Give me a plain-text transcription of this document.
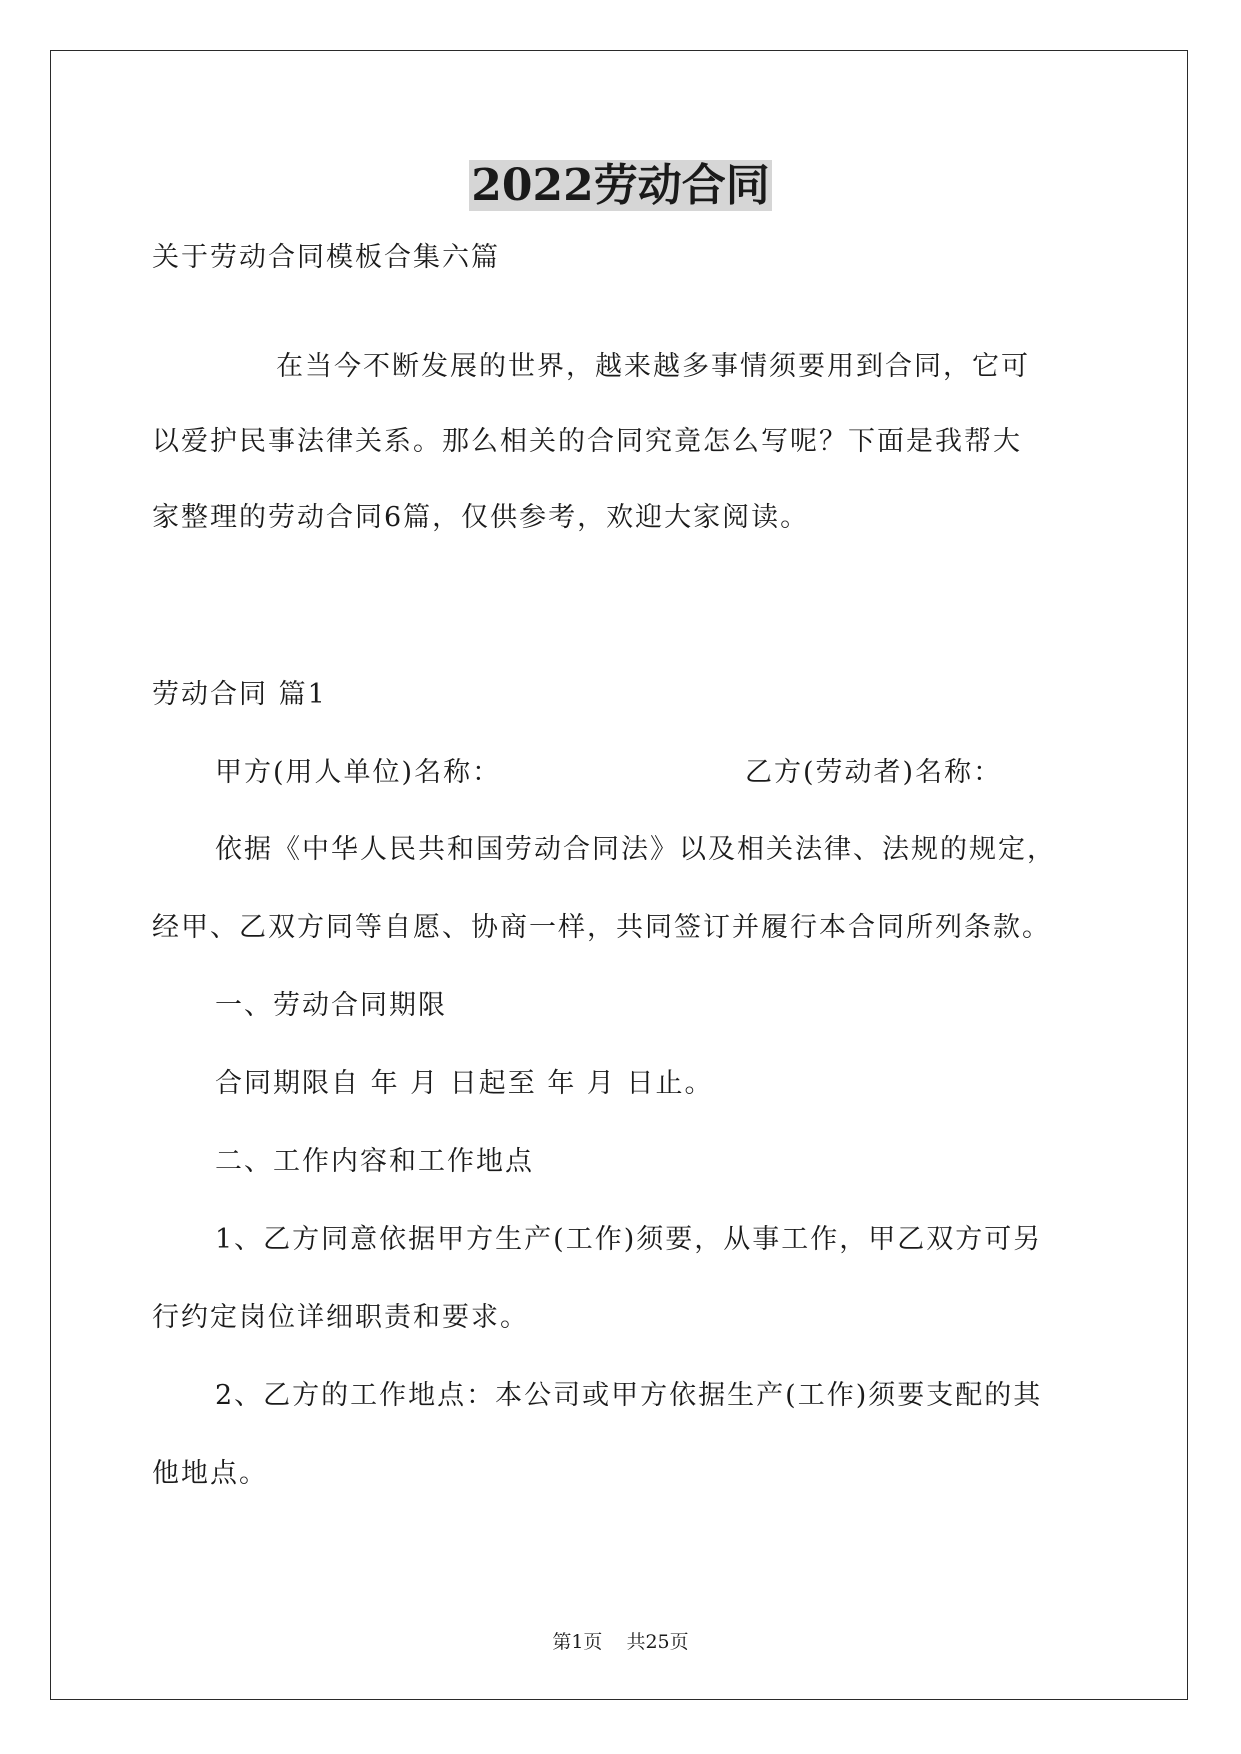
2022劳动合同
关于劳动合同模板合集六篇
在当今不断发展的世界，越来越多事情须要用到合同，它可
以爱护民事法律关系。那么相关的合同究竟怎么写呢？下面是我帮大
家整理的劳动合同6篇，仅供参考，欢迎大家阅读。
劳动合同 篇1
甲方(用人单位)名称：	乙方(劳动者)名称：
依据《中华人民共和国劳动合同法》以及相关法律、法规的规定，
经甲、乙双方同等自愿、协商一样，共同签订并履行本合同所列条款。
一、劳动合同期限
合同期限自 年 月 日起至 年 月 日止。
二、工作内容和工作地点
1、乙方同意依据甲方生产(工作)须要，从事工作，甲乙双方可另
行约定岗位详细职责和要求。
2、乙方的工作地点：本公司或甲方依据生产(工作)须要支配的其
他地点。
第1页 共25页
